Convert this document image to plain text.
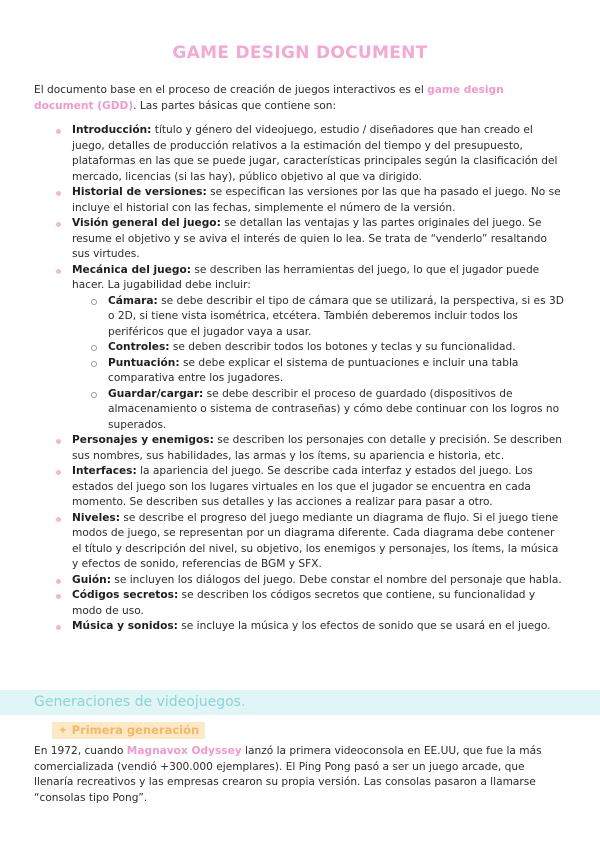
GAME DESIGN DOCUMENT
El documento base en el proceso de creación de juegos interactivos es el game design document (GDD). Las partes básicas que contiene son:
Introducción: título y género del videojuego, estudio / diseñadores que han creado el juego, detalles de producción relativos a la estimación del tiempo y del presupuesto, plataformas en las que se puede jugar, características principales según la clasificación del mercado, licencias (si las hay), público objetivo al que va dirigido.
Historial de versiones: se especifican las versiones por las que ha pasado el juego. No se incluye el historial con las fechas, simplemente el número de la versión.
Visión general del juego: se detallan las ventajas y las partes originales del juego. Se resume el objetivo y se aviva el interés de quien lo lea. Se trata de “venderlo” resaltando sus virtudes.
Mecánica del juego: se describen las herramientas del juego, lo que el jugador puede hacer. La jugabilidad debe incluir:
Cámara: se debe describir el tipo de cámara que se utilizará, la perspectiva, si es 3D o 2D, si tiene vista isométrica, etcétera. También deberemos incluir todos los periféricos que el jugador vaya a usar.
Controles: se deben describir todos los botones y teclas y su funcionalidad.
Puntuación: se debe explicar el sistema de puntuaciones e incluir una tabla comparativa entre los jugadores.
Guardar/cargar: se debe describir el proceso de guardado (dispositivos de almacenamiento o sistema de contraseñas) y cómo debe continuar con los logros no superados.
Personajes y enemigos: se describen los personajes con detalle y precisión. Se describen sus nombres, sus habilidades, las armas y los ítems, su apariencia e historia, etc.
Interfaces: la apariencia del juego. Se describe cada interfaz y estados del juego. Los estados del juego son los lugares virtuales en los que el jugador se encuentra en cada momento. Se describen sus detalles y las acciones a realizar para pasar a otro.
Niveles: se describe el progreso del juego mediante un diagrama de flujo. Si el juego tiene modos de juego, se representan por un diagrama diferente. Cada diagrama debe contener el título y descripción del nivel, su objetivo, los enemigos y personajes, los ítems, la música y efectos de sonido, referencias de BGM y SFX.
Guión: se incluyen los diálogos del juego. Debe constar el nombre del personaje que habla.
Códigos secretos: se describen los códigos secretos que contiene, su funcionalidad y modo de uso.
Música y sonidos: se incluye la música y los efectos de sonido que se usará en el juego.
Generaciones de videojuegos.
✦ Primera generación
En 1972, cuando Magnavox Odyssey lanzó la primera videoconsola en EE.UU, que fue la más comercializada (vendió +300.000 ejemplares). El Ping Pong pasó a ser un juego arcade, que llenaría recreativos y las empresas crearon su propia versión. Las consolas pasaron a llamarse “consolas tipo Pong”.
